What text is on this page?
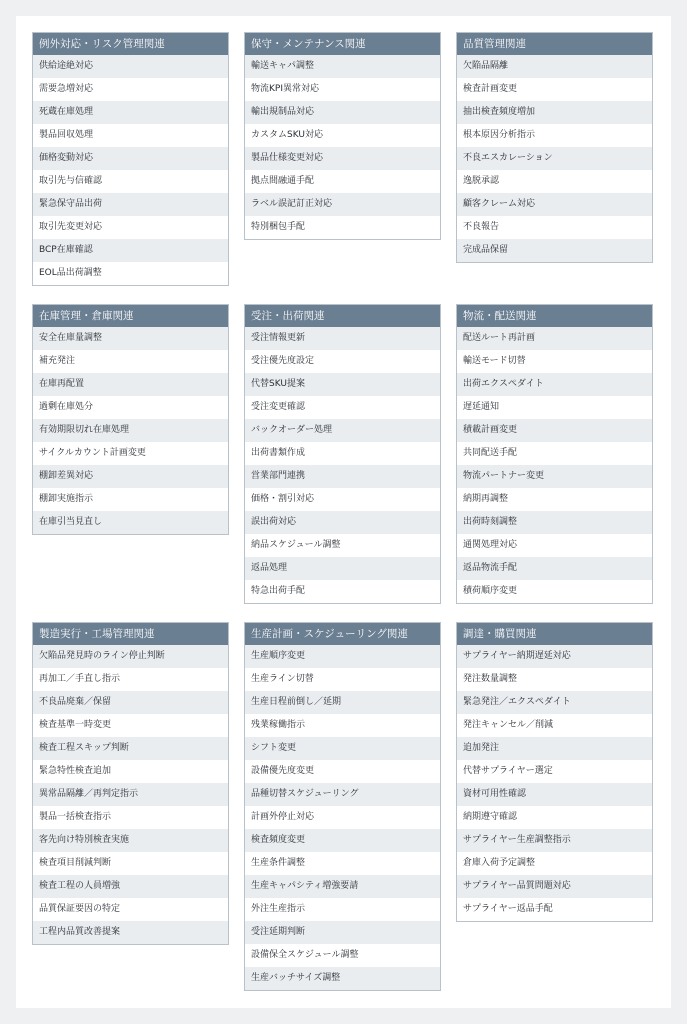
例外対応・リスク管理関連
供給途絶対応
需要急増対応
死蔵在庫処理
製品回収処理
価格変動対応
取引先与信確認
緊急保守品出荷
取引先変更対応
BCP在庫確認
EOL品出荷調整
保守・メンテナンス関連
輸送キャパ調整
物流KPI異常対応
輸出規制品対応
カスタムSKU対応
製品仕様変更対応
拠点間融通手配
ラベル誤記訂正対応
特別梱包手配
品質管理関連
欠陥品隔離
検査計画変更
抽出検査頻度増加
根本原因分析指示
不良エスカレーション
逸脱承認
顧客クレーム対応
不良報告
完成品保留
在庫管理・倉庫関連
安全在庫量調整
補充発注
在庫再配置
過剰在庫処分
有効期限切れ在庫処理
サイクルカウント計画変更
棚卸差異対応
棚卸実施指示
在庫引当見直し
受注・出荷関連
受注情報更新
受注優先度設定
代替SKU提案
受注変更確認
バックオーダー処理
出荷書類作成
営業部門連携
価格・割引対応
誤出荷対応
納品スケジュール調整
返品処理
特急出荷手配
物流・配送関連
配送ルート再計画
輸送モード切替
出荷エクスペダイト
遅延通知
積載計画変更
共同配送手配
物流パートナー変更
納期再調整
出荷時刻調整
通関処理対応
返品物流手配
積荷順序変更
製造実行・工場管理関連
欠陥品発見時のライン停止判断
再加工／手直し指示
不良品廃棄／保留
検査基準一時変更
検査工程スキップ判断
緊急特性検査追加
異常品隔離／再判定指示
製品一括検査指示
客先向け特別検査実施
検査項目削減判断
検査工程の人員増強
品質保証要因の特定
工程内品質改善提案
生産計画・スケジューリング関連
生産順序変更
生産ライン切替
生産日程前倒し／延期
残業稼働指示
シフト変更
設備優先度変更
品種切替スケジューリング
計画外停止対応
検査頻度変更
生産条件調整
生産キャパシティ増強要請
外注生産指示
受注延期判断
設備保全スケジュール調整
生産バッチサイズ調整
調達・購買関連
サプライヤー納期遅延対応
発注数量調整
緊急発注／エクスペダイト
発注キャンセル／削減
追加発注
代替サプライヤー選定
資材可用性確認
納期遵守確認
サプライヤー生産調整指示
倉庫入荷予定調整
サプライヤー品質問題対応
サプライヤー返品手配
